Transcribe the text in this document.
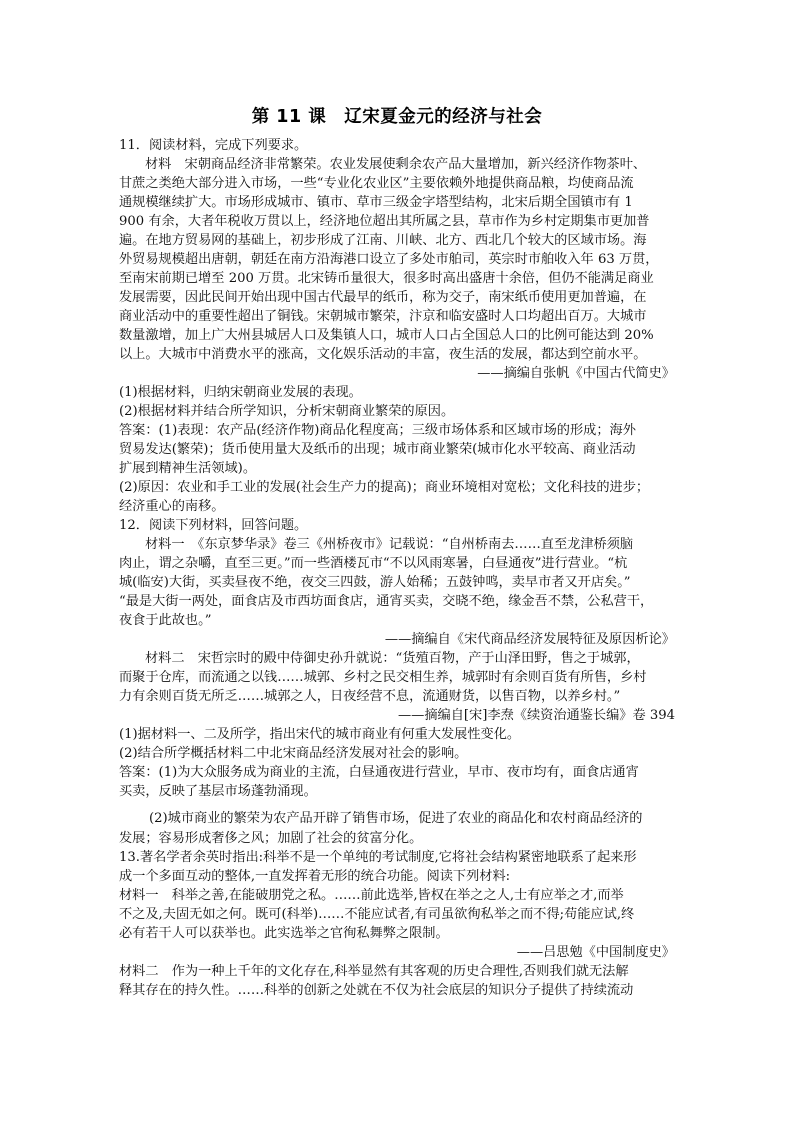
第 11 课　辽宋夏金元的经济与社会
11．阅读材料，完成下列要求。
材料　宋朝商品经济非常繁荣。农业发展使剩余农产品大量增加，新兴经济作物茶叶、
甘蔗之类绝大部分进入市场，一些“专业化农业区”主要依赖外地提供商品粮，均使商品流
通规模继续扩大。市场形成城市、镇市、草市三级金字塔型结构，北宋后期全国镇市有 1
900 有余，大者年税收万贯以上，经济地位超出其所属之县，草市作为乡村定期集市更加普
遍。在地方贸易网的基础上，初步形成了江南、川峡、北方、西北几个较大的区域市场。海
外贸易规模超出唐朝，朝廷在南方沿海港口设立了多处市舶司，英宗时市舶收入年 63 万贯，
至南宋前期已增至 200 万贯。北宋铸币量很大，很多时高出盛唐十余倍，但仍不能满足商业
发展需要，因此民间开始出现中国古代最早的纸币，称为交子，南宋纸币使用更加普遍，在
商业活动中的重要性超出了铜钱。宋朝城市繁荣，汴京和临安盛时人口均超出百万。大城市
数量激增，加上广大州县城居人口及集镇人口，城市人口占全国总人口的比例可能达到 20%
以上。大城市中消费水平的涨高，文化娱乐活动的丰富，夜生活的发展，都达到空前水平。
——摘编自张帆《中国古代简史》
(1)根据材料，归纳宋朝商业发展的表现。
(2)根据材料并结合所学知识，分析宋朝商业繁荣的原因。
答案：(1)表现：农产品(经济作物)商品化程度高；三级市场体系和区域市场的形成；海外
贸易发达(繁荣)；货币使用量大及纸币的出现；城市商业繁荣(城市化水平较高、商业活动
扩展到精神生活领域)。
(2)原因：农业和手工业的发展(社会生产力的提高)；商业环境相对宽松；文化科技的进步；
经济重心的南移。
12．阅读下列材料，回答问题。
材料一　《东京梦华录》卷三《州桥夜市》记载说：“自州桥南去……直至龙津桥须脑
肉止，谓之杂嚼，直至三更。”而一些酒楼瓦市“不以风雨寒暑，白昼通夜”进行营业。“杭
城(临安)大街，买卖昼夜不绝，夜交三四鼓，游人始稀；五鼓钟鸣，卖早市者又开店矣。”
“最是大街一两处，面食店及市西坊面食店，通宵买卖，交晓不绝，缘金吾不禁，公私营干，
夜食于此故也。”
——摘编自《宋代商品经济发展特征及原因析论》
材料二　宋哲宗时的殿中侍御史孙升就说：“货殖百物，产于山泽田野，售之于城郭，
而聚于仓库，而流通之以钱……城郭、乡村之民交相生养，城郭时有余则百货有所售，乡村
力有余则百货无所乏……城郭之人，日夜经营不息，流通财货，以售百物，以养乡村。”
——摘编自[宋]李焘《续资治通鉴长编》卷 394
(1)据材料一、二及所学，指出宋代的城市商业有何重大发展性变化。
(2)结合所学概括材料二中北宋商品经济发展对社会的影响。
答案：(1)为大众服务成为商业的主流，白昼通夜进行营业，早市、夜市均有，面食店通宵
买卖，反映了基层市场蓬勃涌现。
(2)城市商业的繁荣为农产品开辟了销售市场，促进了农业的商品化和农村商品经济的
发展；容易形成奢侈之风；加剧了社会的贫富分化。
13.著名学者余英时指出:科举不是一个单纯的考试制度,它将社会结构紧密地联系了起来形
成一个多面互动的整体,一直发挥着无形的统合功能。阅读下列材料:
材料一　科举之善,在能破朋党之私。……前此选举,皆权在举之之人,士有应举之才,而举
不之及,夫固无如之何。既可(科举)……不能应试者,有司虽欲徇私举之而不得;苟能应试,终
必有若干人可以获举也。此实选举之官徇私舞弊之限制。
——吕思勉《中国制度史》
材料二　作为一种上千年的文化存在,科举显然有其客观的历史合理性,否则我们就无法解
释其存在的持久性。……科举的创新之处就在不仅为社会底层的知识分子提供了持续流动
